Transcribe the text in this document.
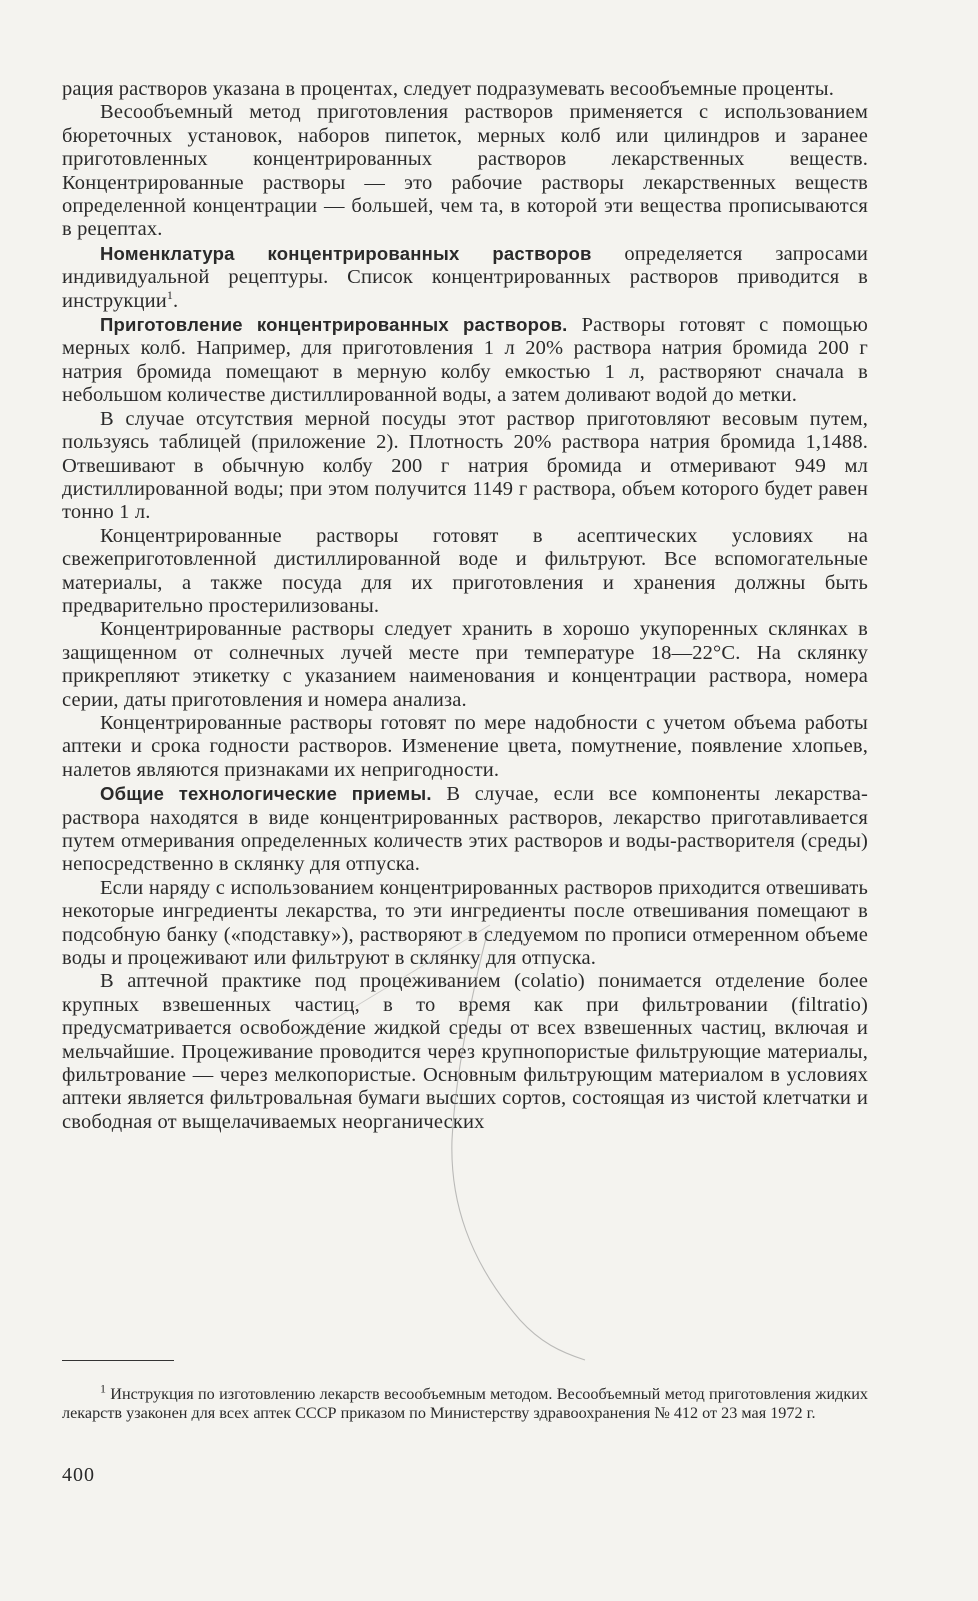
рация растворов указана в процентах, следует подразумевать весообъемные проценты.

Весообъемный метод приготовления растворов применяется с использованием бюреточных установок, наборов пипеток, мерных колб или цилиндров и заранее приготовленных концентрированных растворов лекарственных веществ. Концентрированные растворы — это рабочие растворы лекарственных веществ определенной концентрации — большей, чем та, в которой эти вещества прописываются в рецептах.

Номенклатура концентрированных растворов определяется запросами индивидуальной рецептуры. Список концентрированных растворов приводится в инструкции$^1$.

Приготовление концентрированных растворов. Растворы готовят с помощью мерных колб. Например, для приготовления 1 л 20% раствора натрия бромида 200 г натрия бромида помещают в мерную колбу емкостью 1 л, растворяют сначала в небольшом количестве дистиллированной воды, а затем доливают водой до метки.

В случае отсутствия мерной посуды этот раствор приготовляют весовым путем, пользуясь таблицей (приложение 2). Плотность 20% раствора натрия бромида 1,1488. Отвешивают в обычную колбу 200 г натрия бромида и отмеривают 949 мл дистиллированной воды; при этом получится 1149 г раствора, объем которого будет равен тонно 1 л.

Концентрированные растворы готовят в асептических условиях на свежеприготовленной дистиллированной воде и фильтруют. Все вспомогательные материалы, а также посуда для их приготовления и хранения должны быть предварительно простерилизованы.

Концентрированные растворы следует хранить в хорошо укупоренных склянках в защищенном от солнечных лучей месте при температуре 18—22°С. На склянку прикрепляют этикетку с указанием наименования и концентрации раствора, номера серии, даты приготовления и номера анализа.

Концентрированные растворы готовят по мере надобности с учетом объема работы аптеки и срока годности растворов. Изменение цвета, помутнение, появление хлопьев, налетов являются признаками их непригодности.

Общие технологические приемы. В случае, если все компоненты лекарства-раствора находятся в виде концентрированных растворов, лекарство приготавливается путем отмеривания определенных количеств этих растворов и воды-растворителя (среды) непосредственно в склянку для отпуска.

Если наряду с использованием концентрированных растворов приходится отвешивать некоторые ингредиенты лекарства, то эти ингредиенты после отвешивания помещают в подсобную банку («подставку»), растворяют в следуемом по прописи отмеренном объеме воды и процеживают или фильтруют в склянку для отпуска.

В аптечной практике под процеживанием (colatio) понимается отделение более крупных взвешенных частиц, в то время как при фильтровании (filtratio) предусматривается освобождение жидкой среды от всех взвешенных частиц, включая и мельчайшие. Процеживание проводится через крупнопористые фильтрующие материалы, фильтрование — через мелкопористые. Основным фильтрующим материалом в условиях аптеки является фильтровальная бумаги высших сортов, состоящая из чистой клетчатки и свободная от выщелачиваемых неорганических

$^1$ Инструкция по изготовлению лекарств весообъемным методом. Весообъемный метод приготовления жидких лекарств узаконен для всех аптек СССР приказом по Министерству здравоохранения № 412 от 23 мая 1972 г.

400
